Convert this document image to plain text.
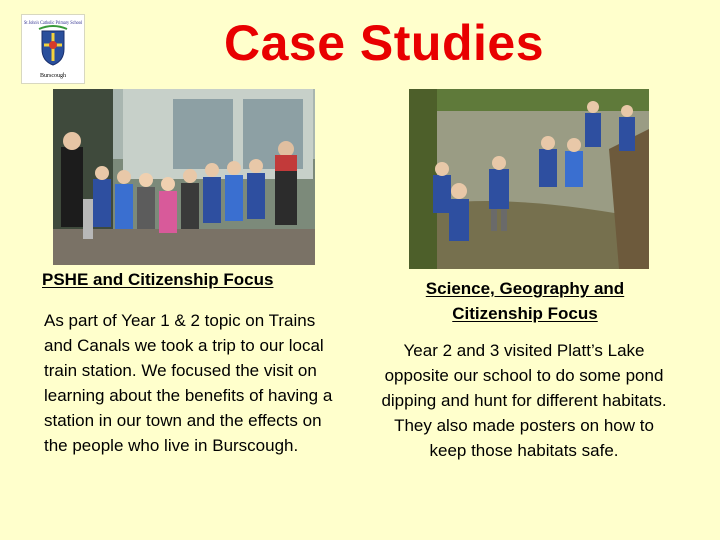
St John's Catholic Primary School
Burscough
Case Studies
PSHE and Citizenship Focus
As part of Year 1 & 2 topic on Trains and Canals we took a trip to our local train station. We focused the visit on learning about the benefits of having a station in our town and the effects on the people who live in Burscough.
Science, Geography and Citizenship Focus
Year 2 and 3 visited Platt’s Lake opposite our school to do some pond dipping and hunt for different habitats. They also made posters on how to keep those habitats safe.
